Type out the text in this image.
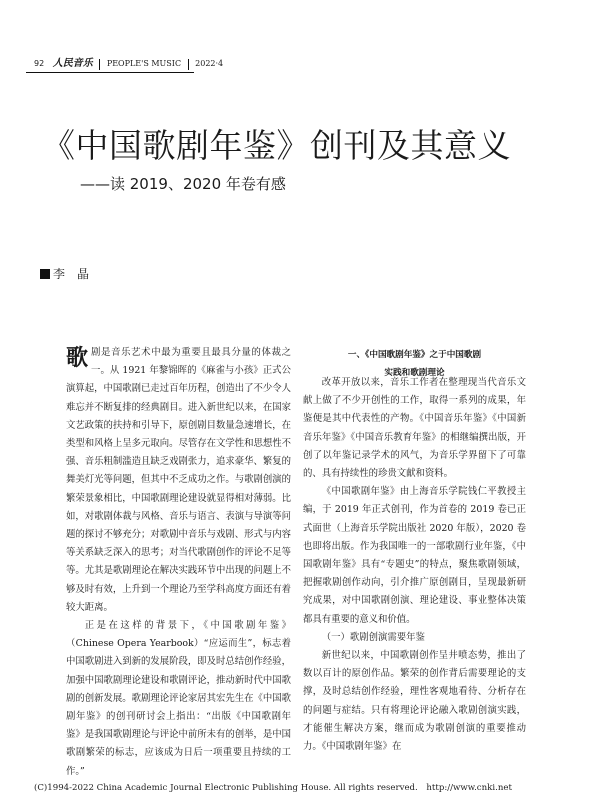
92 人民音乐 PEOPLE'S MUSIC 2022·4
《中国歌剧年鉴》创刊及其意义
——读 2019、2020 年卷有感
李　晶

歌剧是音乐艺术中最为重要且最具分量的体裁之一。从 1921 年黎锦晖的《麻雀与小孩》正式公演算起，中国歌剧已走过百年历程，创造出了不少令人难忘并不断复排的经典剧目。进入新世纪以来，在国家文艺政策的扶持和引导下，原创剧目数量急速增长，在类型和风格上呈多元取向。尽管存在文学性和思想性不强、音乐粗制滥造且缺乏戏剧张力，追求豪华、繁复的舞美灯光等问题，但其中不乏成功之作。与歌剧创演的繁荣景象相比，中国歌剧理论建设就显得相对薄弱。比如，对歌剧体裁与风格、音乐与语言、表演与导演等问题的探讨不够充分；对歌剧中音乐与戏剧、形式与内容等关系缺乏深入的思考；对当代歌剧创作的评论不足等等。尤其是歌剧理论在解决实践环节中出现的问题上不够及时有效，上升到一个理论乃至学科高度方面还有着较大距离。

正是在这样的背景下，《中国歌剧年鉴》（Chinese Opera Yearbook）“应运而生”，标志着中国歌剧进入到新的发展阶段，即及时总结创作经验，加强中国歌剧理论建设和歌剧评论，推动新时代中国歌剧的创新发展。歌剧理论评论家居其宏先生在《中国歌剧年鉴》的创刊研讨会上指出：“出版《中国歌剧年鉴》是我国歌剧理论与评论中前所未有的创举，是中国歌剧繁荣的标志，应该成为日后一项重要且持续的工作。”

一、《中国歌剧年鉴》之于中国歌剧
实践和歌剧理论

改革开放以来，音乐工作者在整理现当代音乐文献上做了不少开创性的工作，取得一系列的成果，年鉴便是其中代表性的产物。《中国音乐年鉴》《中国新音乐年鉴》《中国音乐教育年鉴》的相继编撰出版，开创了以年鉴记录学术的风气，为音乐学界留下了可靠的、具有持续性的珍贵文献和资料。

《中国歌剧年鉴》由上海音乐学院钱仁平教授主编，于 2019 年正式创刊，作为首卷的 2019 卷已正式面世（上海音乐学院出版社 2020 年版），2020 卷也即将出版。作为我国唯一的一部歌剧行业年鉴，《中国歌剧年鉴》具有“专题史”的特点，聚焦歌剧领域，把握歌剧创作动向，引介推广原创剧目，呈现最新研究成果，对中国歌剧创演、理论建设、事业整体决策都具有重要的意义和价值。

（一）歌剧创演需要年鉴

新世纪以来，中国歌剧创作呈井喷态势，推出了数以百计的原创作品。繁荣的创作背后需要理论的支撑，及时总结创作经验，理性客观地看待、分析存在的问题与症结。只有将理论评论融入歌剧创演实践，才能催生解决方案，继而成为歌剧创演的重要推动力。《中国歌剧年鉴》在

(C)1994-2022 China Academic Journal Electronic Publishing House. All rights reserved.　http://www.cnki.net
